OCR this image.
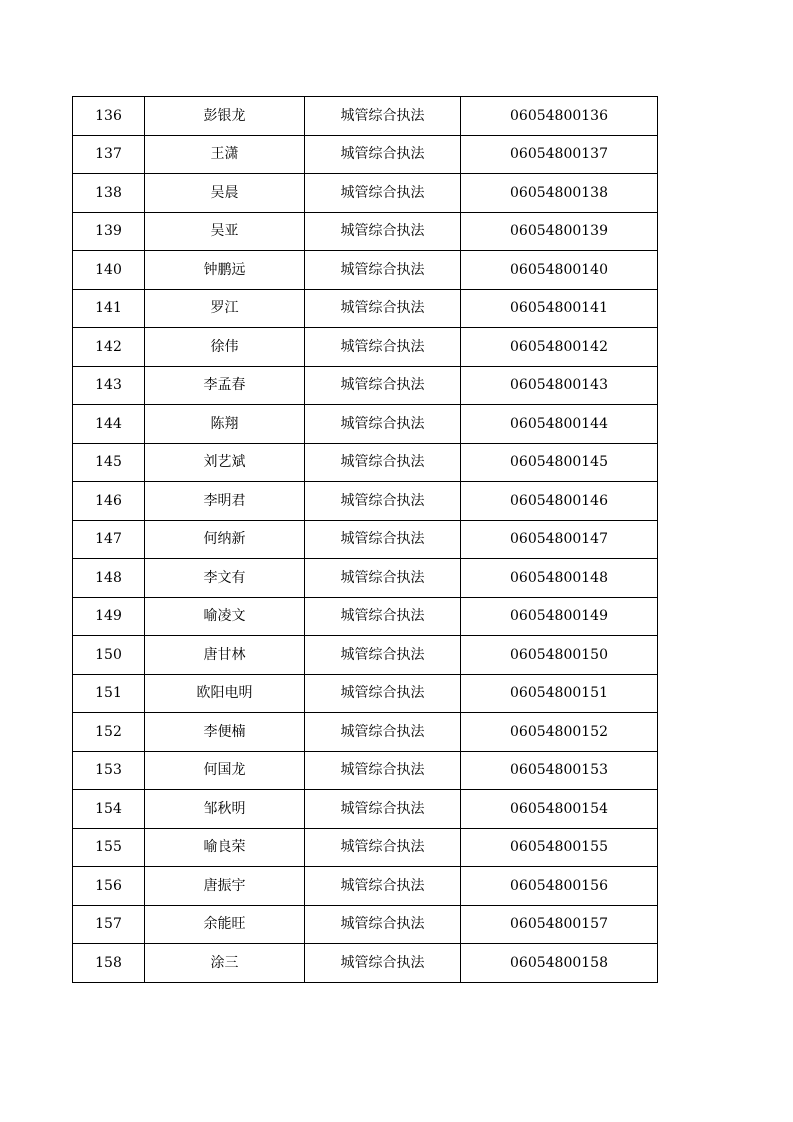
136	彭银龙	城管综合执法	06054800136
137	王潇	城管综合执法	06054800137
138	吴晨	城管综合执法	06054800138
139	吴亚	城管综合执法	06054800139
140	钟鹏远	城管综合执法	06054800140
141	罗江	城管综合执法	06054800141
142	徐伟	城管综合执法	06054800142
143	李孟春	城管综合执法	06054800143
144	陈翔	城管综合执法	06054800144
145	刘艺斌	城管综合执法	06054800145
146	李明君	城管综合执法	06054800146
147	何纳新	城管综合执法	06054800147
148	李文有	城管综合执法	06054800148
149	喻凌文	城管综合执法	06054800149
150	唐甘林	城管综合执法	06054800150
151	欧阳电明	城管综合执法	06054800151
152	李便楠	城管综合执法	06054800152
153	何国龙	城管综合执法	06054800153
154	邹秋明	城管综合执法	06054800154
155	喻良荣	城管综合执法	06054800155
156	唐振宇	城管综合执法	06054800156
157	余能旺	城管综合执法	06054800157
158	涂三	城管综合执法	06054800158
